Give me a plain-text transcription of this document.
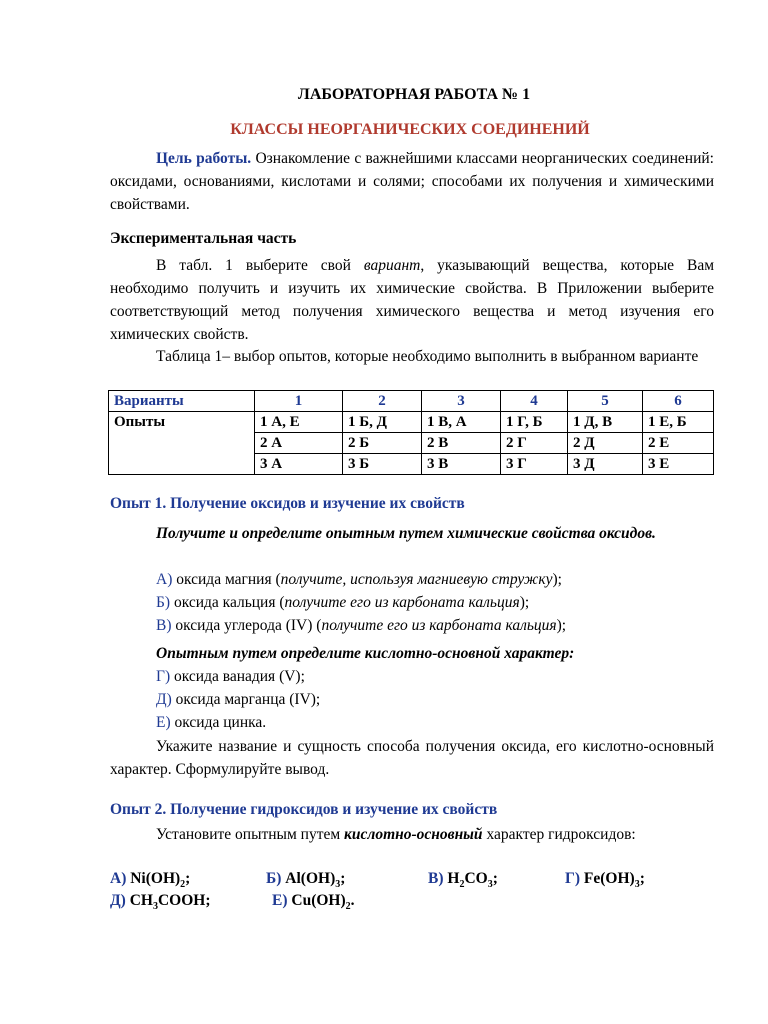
ЛАБОРАТОРНАЯ РАБОТА № 1
КЛАССЫ НЕОРГАНИЧЕСКИХ СОЕДИНЕНИЙ
Цель работы. Ознакомление с важнейшими классами неорганических соединений: оксидами, основаниями, кислотами и солями; способами их получения и химическими свойствами.
Экспериментальная часть
В табл. 1 выберите свой вариант, указывающий вещества, которые Вам необходимо получить и изучить их химические свойства. В Приложении выберите соответствующий метод получения химического вещества и метод изучения его химических свойств.
Таблица 1– выбор опытов, которые необходимо выполнить в выбранном варианте
Варианты	1	2	3	4	5	6
Опыты	1 А, Е	1 Б, Д	1 В, А	1 Г, Б	1 Д, В	1 Е, Б
	2 А	2 Б	2 В	2 Г	2 Д	2 Е
	3 А	3 Б	3 В	3 Г	3 Д	3 Е
Опыт 1. Получение оксидов и изучение их свойств
Получите и определите опытным путем химические свойства оксидов.
А) оксида магния (получите, используя магниевую стружку);
Б) оксида кальция (получите его из карбоната кальция);
В) оксида углерода (IV) (получите его из карбоната кальция);
Опытным путем определите кислотно-основной характер:
Г) оксида ванадия (V);
Д) оксида марганца (IV);
Е) оксида цинка.
Укажите название и сущность способа получения оксида, его кислотно-основный характер. Сформулируйте вывод.
Опыт 2. Получение гидроксидов и изучение их свойств
Установите опытным путем кислотно-основный характер гидроксидов:
А) $Ni(OH)_2$;	Б) $Al(OH)_3$;	В) $H_2CO_3$;	Г) $Fe(OH)_3$;
Д) $CH_3COOH$;	Е) $Cu(OH)_2$.
